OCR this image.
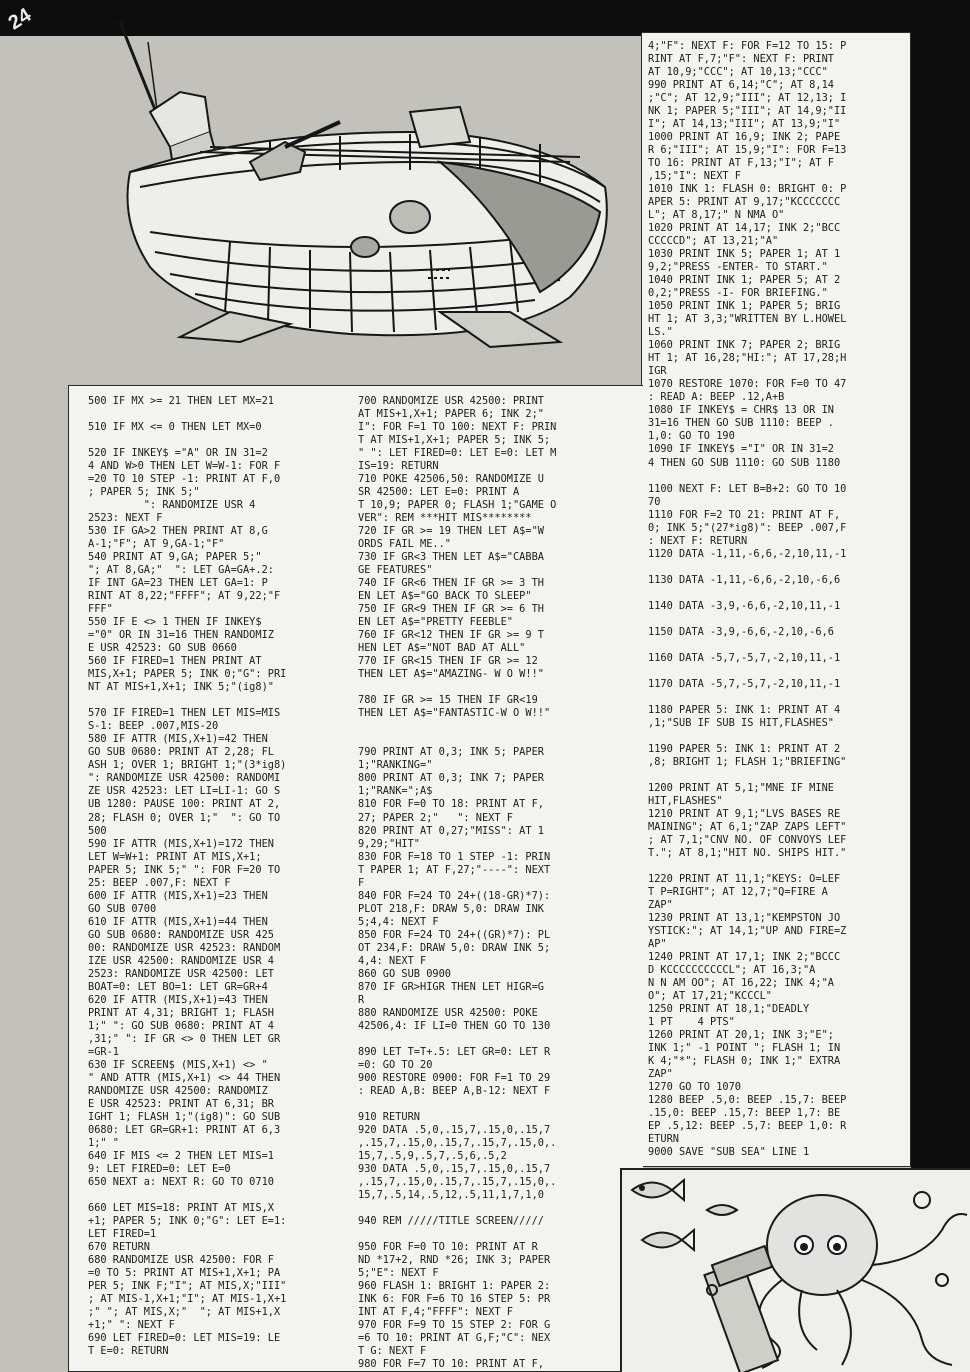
24
500 IF MX >= 21 THEN LET MX=21

510 IF MX <= 0 THEN LET MX=0

520 IF INKEY$ ="A" OR IN 31=2
4 AND W>0 THEN LET W=W-1: FOR F
=20 TO 10 STEP -1: PRINT AT F,0
; PAPER 5; INK 5;"
": RANDOMIZE USR 4
2523: NEXT F
530 IF GA>2 THEN PRINT AT 8,G
A-1;"F"; AT 9,GA-1;"F"
540 PRINT AT 9,GA; PAPER 5;"
"; AT 8,GA;"  ": LET GA=GA+.2:
IF INT GA=23 THEN LET GA=1: P
RINT AT 8,22;"FFFF"; AT 9,22;"F
FFF"
550 IF E <> 1 THEN IF INKEY$
="0" OR IN 31=16 THEN RANDOMIZ
E USR 42523: GO SUB 0660
560 IF FIRED=1 THEN PRINT AT
MIS,X+1; PAPER 5; INK 0;"G": PRI
NT AT MIS+1,X+1; INK 5;"(ig8)"

570 IF FIRED=1 THEN LET MIS=MIS
S-1: BEEP .007,MIS-20
580 IF ATTR (MIS,X+1)=42 THEN
GO SUB 0680: PRINT AT 2,28; FL
ASH 1; OVER 1; BRIGHT 1;"(3*ig8)
": RANDOMIZE USR 42500: RANDOMI
ZE USR 42523: LET LI=LI-1: GO S
UB 1280: PAUSE 100: PRINT AT 2,
28; FLASH 0; OVER 1;"  ": GO TO
500
590 IF ATTR (MIS,X+1)=172 THEN
LET W=W+1: PRINT AT MIS,X+1;
PAPER 5; INK 5;" ": FOR F=20 TO
25: BEEP .007,F: NEXT F
600 IF ATTR (MIS,X+1)=23 THEN
GO SUB 0700
610 IF ATTR (MIS,X+1)=44 THEN
GO SUB 0680: RANDOMIZE USR 425
00: RANDOMIZE USR 42523: RANDOM
IZE USR 42500: RANDOMIZE USR 4
2523: RANDOMIZE USR 42500: LET
BOAT=0: LET BO=1: LET GR=GR+4
620 IF ATTR (MIS,X+1)=43 THEN
PRINT AT 4,31; BRIGHT 1; FLASH
1;" ": GO SUB 0680: PRINT AT 4
,31;" ": IF GR <> 0 THEN LET GR
=GR-1
630 IF SCREEN$ (MIS,X+1) <> "
" AND ATTR (MIS,X+1) <> 44 THEN
RANDOMIZE USR 42500: RANDOMIZ
E USR 42523: PRINT AT 6,31; BR
IGHT 1; FLASH 1;"(ig8)": GO SUB
0680: LET GR=GR+1: PRINT AT 6,3
1;" "
640 IF MIS <= 2 THEN LET MIS=1
9: LET FIRED=0: LET E=0
650 NEXT a: NEXT R: GO TO 0710

660 LET MIS=18: PRINT AT MIS,X
+1; PAPER 5; INK 0;"G": LET E=1:
LET FIRED=1
670 RETURN
680 RANDOMIZE USR 42500: FOR F
=0 TO 5: PRINT AT MIS+1,X+1; PA
PER 5; INK F;"I"; AT MIS,X;"III"
; AT MIS-1,X+1;"I"; AT MIS-1,X+1
;" "; AT MIS,X;"  "; AT MIS+1,X
+1;" ": NEXT F
690 LET FIRED=0: LET MIS=19: LE
T E=0: RETURN
700 RANDOMIZE USR 42500: PRINT
AT MIS+1,X+1; PAPER 6; INK 2;"
I": FOR F=1 TO 100: NEXT F: PRIN
T AT MIS+1,X+1; PAPER 5; INK 5;
" ": LET FIRED=0: LET E=0: LET M
IS=19: RETURN
710 POKE 42506,50: RANDOMIZE U
SR 42500: LET E=0: PRINT A
T 10,9; PAPER 0; FLASH 1;"GAME O
VER": REM ***HIT MIS********
720 IF GR >= 19 THEN LET A$="W
ORDS FAIL ME.."
730 IF GR<3 THEN LET A$="CABBA
GE FEATURES"
740 IF GR<6 THEN IF GR >= 3 TH
EN LET A$="GO BACK TO SLEEP"
750 IF GR<9 THEN IF GR >= 6 TH
EN LET A$="PRETTY FEEBLE"
760 IF GR<12 THEN IF GR >= 9 T
HEN LET A$="NOT BAD AT ALL"
770 IF GR<15 THEN IF GR >= 12
THEN LET A$="AMAZING- W O W!!"

780 IF GR >= 15 THEN IF GR<19
THEN LET A$="FANTASTIC-W O W!!"

790 PRINT AT 0,3; INK 5; PAPER
1;"RANKING="
800 PRINT AT 0,3; INK 7; PAPER
1;"RANK=";A$
810 FOR F=0 TO 18: PRINT AT F,
27; PAPER 2;"   ": NEXT F
820 PRINT AT 0,27;"MISS": AT 1
9,29;"HIT"
830 FOR F=18 TO 1 STEP -1: PRIN
T PAPER 1; AT F,27;"----": NEXT
F
840 FOR F=24 TO 24+((18-GR)*7):
PLOT 218,F: DRAW 5,0: DRAW INK
5;4,4: NEXT F
850 FOR F=24 TO 24+((GR)*7): PL
OT 234,F: DRAW 5,0: DRAW INK 5;
4,4: NEXT F
860 GO SUB 0900
870 IF GR>HIGR THEN LET HIGR=G
R
880 RANDOMIZE USR 42500: POKE
42506,4: IF LI=0 THEN GO TO 130

890 LET T=T+.5: LET GR=0: LET R
=0: GO TO 20
900 RESTORE 0900: FOR F=1 TO 29
: READ A,B: BEEP A,B-12: NEXT F

910 RETURN
920 DATA .5,0,.15,7,.15,0,.15,7
,.15,7,.15,0,.15,7,.15,7,.15,0,.
15,7,.5,9,.5,7,.5,6,.5,2
930 DATA .5,0,.15,7,.15,0,.15,7
,.15,7,.15,0,.15,7,.15,7,.15,0,.
15,7,.5,14,.5,12,.5,11,1,7,1,0

940 REM /////TITLE SCREEN/////

950 FOR F=0 TO 10: PRINT AT R
ND *17+2, RND *26; INK 3; PAPER
5;"E": NEXT F
960 FLASH 1: BRIGHT 1: PAPER 2:
INK 6: FOR F=6 TO 16 STEP 5: PR
INT AT F,4;"FFFF": NEXT F
970 FOR F=9 TO 15 STEP 2: FOR G
=6 TO 10: PRINT AT G,F;"C": NEX
T G: NEXT F
980 FOR F=7 TO 10: PRINT AT F,
4;"F": NEXT F: FOR F=12 TO 15: P
RINT AT F,7;"F": NEXT F: PRINT
AT 10,9;"CCC"; AT 10,13;"CCC"
990 PRINT AT 6,14;"C"; AT 8,14
;"C"; AT 12,9;"III"; AT 12,13; I
NK 1; PAPER 5;"III"; AT 14,9;"II
I"; AT 14,13;"III"; AT 13,9;"I"
1000 PRINT AT 16,9; INK 2; PAPE
R 6;"III"; AT 15,9;"I": FOR F=13
TO 16: PRINT AT F,13;"I"; AT F
,15;"I": NEXT F
1010 INK 1: FLASH 0: BRIGHT 0: P
APER 5: PRINT AT 9,17;"KCCCCCCC
L"; AT 8,17;" N NMA O"
1020 PRINT AT 14,17; INK 2;"BCC
CCCCCD"; AT 13,21;"A"
1030 PRINT INK 5; PAPER 1; AT 1
9,2;"PRESS -ENTER- TO START."
1040 PRINT INK 1; PAPER 5; AT 2
0,2;"PRESS -I- FOR BRIEFING."
1050 PRINT INK 1; PAPER 5; BRIG
HT 1; AT 3,3;"WRITTEN BY L.HOWEL
LS."
1060 PRINT INK 7; PAPER 2; BRIG
HT 1; AT 16,28;"HI:"; AT 17,28;H
IGR
1070 RESTORE 1070: FOR F=0 TO 47
: READ A: BEEP .12,A+B
1080 IF INKEY$ = CHR$ 13 OR IN
31=16 THEN GO SUB 1110: BEEP .
1,0: GO TO 190
1090 IF INKEY$ ="I" OR IN 31=2
4 THEN GO SUB 1110: GO SUB 1180

1100 NEXT F: LET B=B+2: GO TO 10
70
1110 FOR F=2 TO 21: PRINT AT F,
0; INK 5;"(27*ig8)": BEEP .007,F
: NEXT F: RETURN
1120 DATA -1,11,-6,6,-2,10,11,-1

1130 DATA -1,11,-6,6,-2,10,-6,6

1140 DATA -3,9,-6,6,-2,10,11,-1

1150 DATA -3,9,-6,6,-2,10,-6,6

1160 DATA -5,7,-5,7,-2,10,11,-1

1170 DATA -5,7,-5,7,-2,10,11,-1

1180 PAPER 5: INK 1: PRINT AT 4
,1;"SUB IF SUB IS HIT,FLASHES"

1190 PAPER 5: INK 1: PRINT AT 2
,8; BRIGHT 1; FLASH 1;"BRIEFING"

1200 PRINT AT 5,1;"MNE IF MINE
HIT,FLASHES"
1210 PRINT AT 9,1;"LVS BASES RE
MAINING"; AT 6,1;"ZAP ZAPS LEFT"
; AT 7,1;"CNV NO. OF CONVOYS LEF
T."; AT 8,1;"HIT NO. SHIPS HIT."

1220 PRINT AT 11,1;"KEYS: O=LEF
T P=RIGHT"; AT 12,7;"Q=FIRE A
ZAP"
1230 PRINT AT 13,1;"KEMPSTON JO
YSTICK:"; AT 14,1;"UP AND FIRE=Z
AP"
1240 PRINT AT 17,1; INK 2;"BCCC
D KCCCCCCCCCCL"; AT 16,3;"A
N N AM OO"; AT 16,22; INK 4;"A
O"; AT 17,21;"KCCCL"
1250 PRINT AT 18,1;"DEADLY
1 PT    4 PTS"
1260 PRINT AT 20,1; INK 3;"E";
INK 1;" -1 POINT "; FLASH 1; IN
K 4;"*"; FLASH 0; INK 1;" EXTRA
ZAP"
1270 GO TO 1070
1280 BEEP .5,0: BEEP .15,7: BEEP
.15,0: BEEP .15,7: BEEP 1,7: BE
EP .5,12: BEEP .5,7: BEEP 1,0: R
ETURN
9000 SAVE "SUB SEA" LINE 1
